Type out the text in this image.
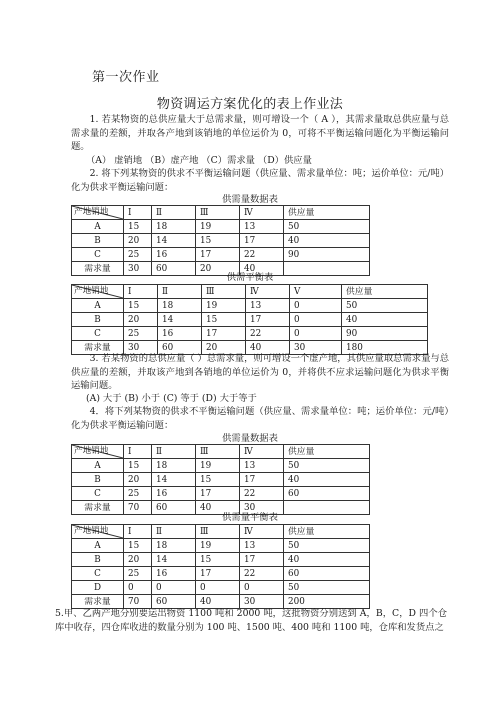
第一次作业
物资调运方案优化的表上作业法

1. 若某物资的总供应量大于总需求量，则可增设一个（ A ），其需求量取总供应量与总需求量的差额，并取各产地到该销地的单位运价为 0，可将不平衡运输问题化为平衡运输问题。

（A） 虚销地 （B）虚产地 （C）需求量 （D）供应量

2. 将下列某物资的供求不平衡运输问题（供应量、需求量单位：吨；运价单位：元/吨）化为供求平衡运输问题：

供需量数据表
产地销地	Ⅰ	Ⅱ	Ⅲ	Ⅳ	供应量
A	15	18	19	13	50
B	20	14	15	17	40
C	25	16	17	22	90
需求量	30	60	20	40	
供需平衡表
产地销地	Ⅰ	Ⅱ	Ⅲ	Ⅳ	Ⅴ	供应量
A	15	18	19	13	0	50
B	20	14	15	17	0	40
C	25	16	17	22	0	90
需求量	30	60	20	40	30	180

3. 若某物资的总供应量（ ）总需求量，则可增设一个虚产地，其供应量取总需求量与总供应量的差额，并取该产地到各销地的单位运价为 0，并将供不应求运输问题化为供求平衡运输问题。

(A) 大于 (B) 小于 (C) 等于 (D) 大于等于

4．将下列某物资的供求不平衡运输问题（供应量、需求量单位：吨；运价单位：元/吨）化为供求平衡运输问题：

供需量数据表
产地销地	Ⅰ	Ⅱ	Ⅲ	Ⅳ	供应量
A	15	18	19	13	50
B	20	14	15	17	40
C	25	16	17	22	60
需求量	70	60	40	30	
供需量平衡表
产地销地	Ⅰ	Ⅱ	Ⅲ	Ⅳ	供应量
A	15	18	19	13	50
B	20	14	15	17	40
C	25	16	17	22	60
D	0	0	0	0	50
需求量	70	60	40	30	200

5.甲、乙两产地分别要运出物资 1100 吨和 2000 吨，这批物资分别送到 A，B，C，D 四个仓库中收存，四仓库收进的数量分别为 100 吨、1500 吨、400 吨和 1100 吨，仓库和发货点之
